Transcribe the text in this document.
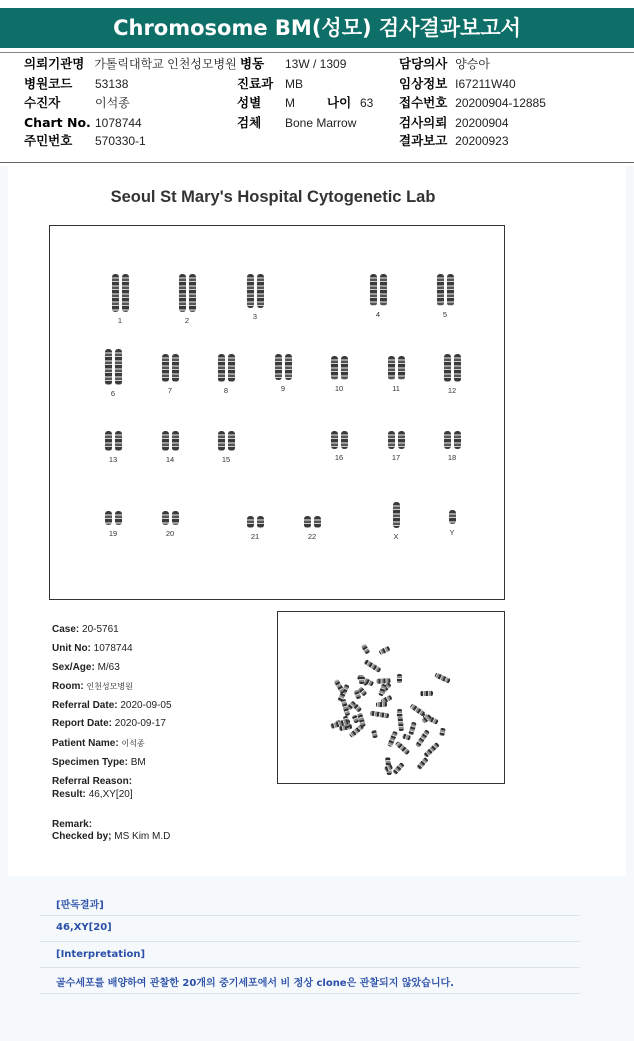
Chromosome BM(성모) 검사결과보고서
의뢰기관명 가톨릭대학교 인천성모병원
병원코드 53138
수진자	이석종
Chart No. 1078744
주민번호 570330-1
병동 13W / 1309
진료과 MB
성별 M	나이 63
검체 Bone Marrow
담당의사 양승아
임상정보 I67211W40
접수번호 20200904-12885
검사의뢰 20200904
결과보고 20200923
Seoul St Mary's Hospital Cytogenetic Lab
1	2	3	4	5
6	7	8	9	10	11	12
13	14	15	16	17	18
19	20	21	22	X	Y
Case: 20-5761
Unit No: 1078744
Sex/Age: M/63
Room: 인천성모병원
Referral Date: 2020-09-05
Report Date: 2020-09-17
Patient Name: 이석종
Specimen Type: BM
Referral Reason:
Result: 46,XY[20]
Remark:
Checked by; MS Kim M.D
[판독결과]
46,XY[20]
[Interpretation]
골수세포를 배양하여 관찰한 20개의 중기세포에서 비 정상 clone은 관찰되지 않았습니다.
